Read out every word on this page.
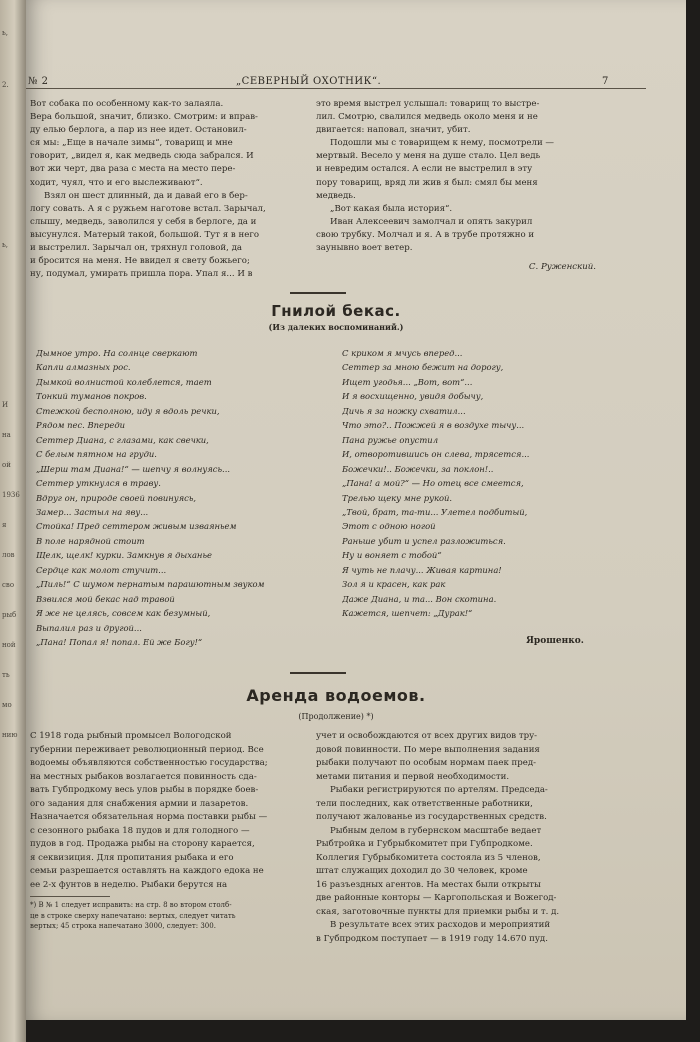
ь,
2.
ь,
И
на
ой
1936
я
лов
сво
рыб
ной
ть
мо
нию
№ 2	„СЕВЕРНЫЙ ОХОТНИК“.	7
Вот собака по особенному как-то залаяла.
Вера большой, значит, близко. Смотрим: и вправ-
ду елью берлога, а пар из нее идет. Остановил-
ся мы: „Еще в начале зимы“, товарищ и мне
говорит, „видел я, как медведь сюда забрался. И
вот жи черт, два раза с места на место пере-
ходит, чуял, что и его выслеживают“.
Взял он шест длинный, да и давай его в бер-
логу совать. А я с ружьем наготове встал. Зарычал,
слышу, медведь, заволился у себя в берлоге, да и
высунулся. Матерый такой, большой. Тут я в него
и выстрелил. Зарычал он, тряхнул головой, да
и бросится на меня. Не ввидел я свету божьего;
ну, подумал, умирать пришла пора. Упал я... И в
это время выстрел услышал: товарищ то выстре-
лил. Смотрю, свалился медведь около меня и не
двигается: наповал, значит, убит.
Подошли мы с товарищем к нему, посмотрели —
мертвый. Весело у меня на душе стало. Цел ведь
и невредим остался. А если не выстрелил в эту
пору товарищ, вряд ли жив я был: смял бы меня
медведь.
„Вот какая была история“.
Иван Алексеевич замолчал и опять закурил
свою трубку. Молчал и я. А в трубе протяжно и
заунывно воет ветер.
С. Руженский.
Гнилой бекас.
(Из далеких воспоминаний.)
Дымное утро. На солнце сверкают
Капли алмазных рос.
Дымкой волнистой колеблется, тает
Тонкий туманов покров.
Стежкой бесполною, иду я вдоль речки,
Рядом пес. Впереди
Сеттер Диана, с глазами, как свечки,
С белым пятном на груди.
„Шерш там Диана!“ — шепчу я волнуясь...
Сеттер уткнулся в траву.
Вдруг он, природе своей повинуясь,
Замер... Застыл на яву...
Стойка! Пред сеттером живым изваяньем
В поле нарядной стоит
Щелк, щелк! курки. Замкнув я дыханье
Сердце как молот стучит...
„Пиль!“ С шумом пернатым парашютным звуком
Взвился мой бекас над травой
Я же не целясь, совсем как безумный,
Выпалил раз и другой...
„Пана! Попал я! попал. Ей же Богу!“
С криком я мчусь вперед...
Сеттер за мною бежит на дорогу,
Ищет угодья... „Вот, вот“...
И я восхищенно, увидя добычу,
Дичь я за ножку схватил...
Что это?.. Пожжей я в воздухе тычу...
Пана ружье опустил
И, отворотившись он слева, трясется...
Божечки!.. Божечки, за поклон!..
„Пана! а мой?“ — Но отец все смеется,
Трелью щеку мне рукой.
„Твой, брат, та-ти... Улетел подбитый,
Этот с одною ногой
Раньше убит и успел разложиться.
Ну и воняет с тобой“
Я чуть не плачу... Живая картина!
Зол я и красен, как рак
Даже Диана, и та... Вон скотина.
Кажется, шепчет: „Дурак!“
Ярошенко.
Аренда водоемов.
(Продолжение) *)
С 1918 года рыбный промысел Вологодской
губернии переживает революционный период. Все
водоемы объявляются собственностью государства;
на местных рыбаков возлагается повинность сда-
вать Губпродкому весь улов рыбы в порядке боев-
ого задания для снабжения армии и лазаретов.
Назначается обязательная норма поставки рыбы —
с сезонного рыбака 18 пудов и для голодного —
пудов в год. Продажа рыбы на сторону карается,
я секвизиция. Для пропитания рыбака и его
семьи разрешается оставлять на каждого едока не
ее 2-х фунтов в неделю. Рыбаки берутся на
*) В № 1 следует исправить: на стр. 8 во втором столб-
це в строке сверху напечатано: вертых, следует читать
вертых; 45 строка напечатано 3000, следует: 300.
учет и освобождаются от всех других видов тру-
довой повинности. По мере выполнения задания
рыбаки получают по особым нормам паек пред-
метами питания и первой необходимости.
Рыбаки регистрируются по артелям. Председа-
тели последних, как ответственные работники,
получают жалованье из государственных средств.
Рыбным делом в губернском масштабе ведает
Рыбтройка и Губрыбкомитет при Губпродкоме.
Коллегия Губрыбкомитета состояла из 5 членов,
штат служащих доходил до 30 человек, кроме
16 разъездных агентов. На местах были открыты
две районные конторы — Каргопольская и Вожегод-
ская, заготовочные пункты для приемки рыбы и т. д.
В результате всех этих расходов и мероприятий
в Губпродком поступает — в 1919 году 14.670 пуд.
